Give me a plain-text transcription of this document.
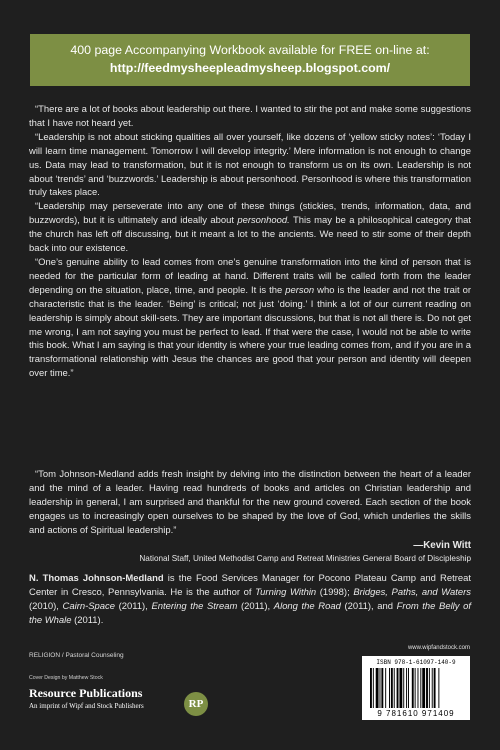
400 page Accompanying Workbook available for FREE on-line at:
http://feedmysheepleadmysheep.blogspot.com/

“There are a lot of books about leadership out there. I wanted to stir the pot and make some suggestions that I have not heard yet.

“Leadership is not about sticking qualities all over yourself, like dozens of ‘yellow sticky notes’: ‘Today I will learn time management. Tomorrow I will develop integrity.’ Mere information is not enough to change us. Data may lead to transformation, but it is not enough to transform us on its own. Leadership is not about ‘trends’ and ‘buzzwords.’ Leadership is about personhood. Personhood is where this transformation truly takes place.

“Leadership may perseverate into any one of these things (stickies, trends, information, data, and buzzwords), but it is ultimately and ideally about personhood. This may be a philosophical category that the church has left off discussing, but it meant a lot to the ancients. We need to stir some of their depth back into our existence.

“One’s genuine ability to lead comes from one’s genuine transformation into the kind of person that is needed for the particular form of leading at hand. Different traits will be called forth from the leader depending on the situation, place, time, and people. It is the person who is the leader and not the trait or characteristic that is the leader. ‘Being’ is critical; not just ‘doing.’ I think a lot of our current reading on leadership is simply about skill-sets. They are important discussions, but that is not all there is. Do not get me wrong, I am not saying you must be perfect to lead. If that were the case, I would not be able to write this book. What I am saying is that your identity is where your true leading comes from, and if you are in a transformational relationship with Jesus the chances are good that your person and identity will deepen over time.”

“Tom Johnson-Medland adds fresh insight by delving into the distinction between the heart of a leader and the mind of a leader. Having read hundreds of books and articles on Christian leadership and leadership in general, I am surprised and thankful for the new ground covered. Each section of the book engages us to increasingly open ourselves to be shaped by the love of God, which underlies the skills and actions of Spiritual leadership.”

—Kevin Witt
National Staff, United Methodist Camp and Retreat Ministries General Board of Discipleship

N. Thomas Johnson-Medland is the Food Services Manager for Pocono Plateau Camp and Retreat Center in Cresco, Pennsylvania. He is the author of Turning Within (1998); Bridges, Paths, and Waters (2010), Cairn-Space (2011), Entering the Stream (2011), Along the Road (2011), and From the Belly of the Whale (2011).

RELIGION / Pastoral Counseling
Cover Design by Matthew Stock
Resource Publications
An imprint of Wipf and Stock Publishers	RP
www.wipfandstock.com
ISBN 978-1-61097-140-9
9 781610 971409
